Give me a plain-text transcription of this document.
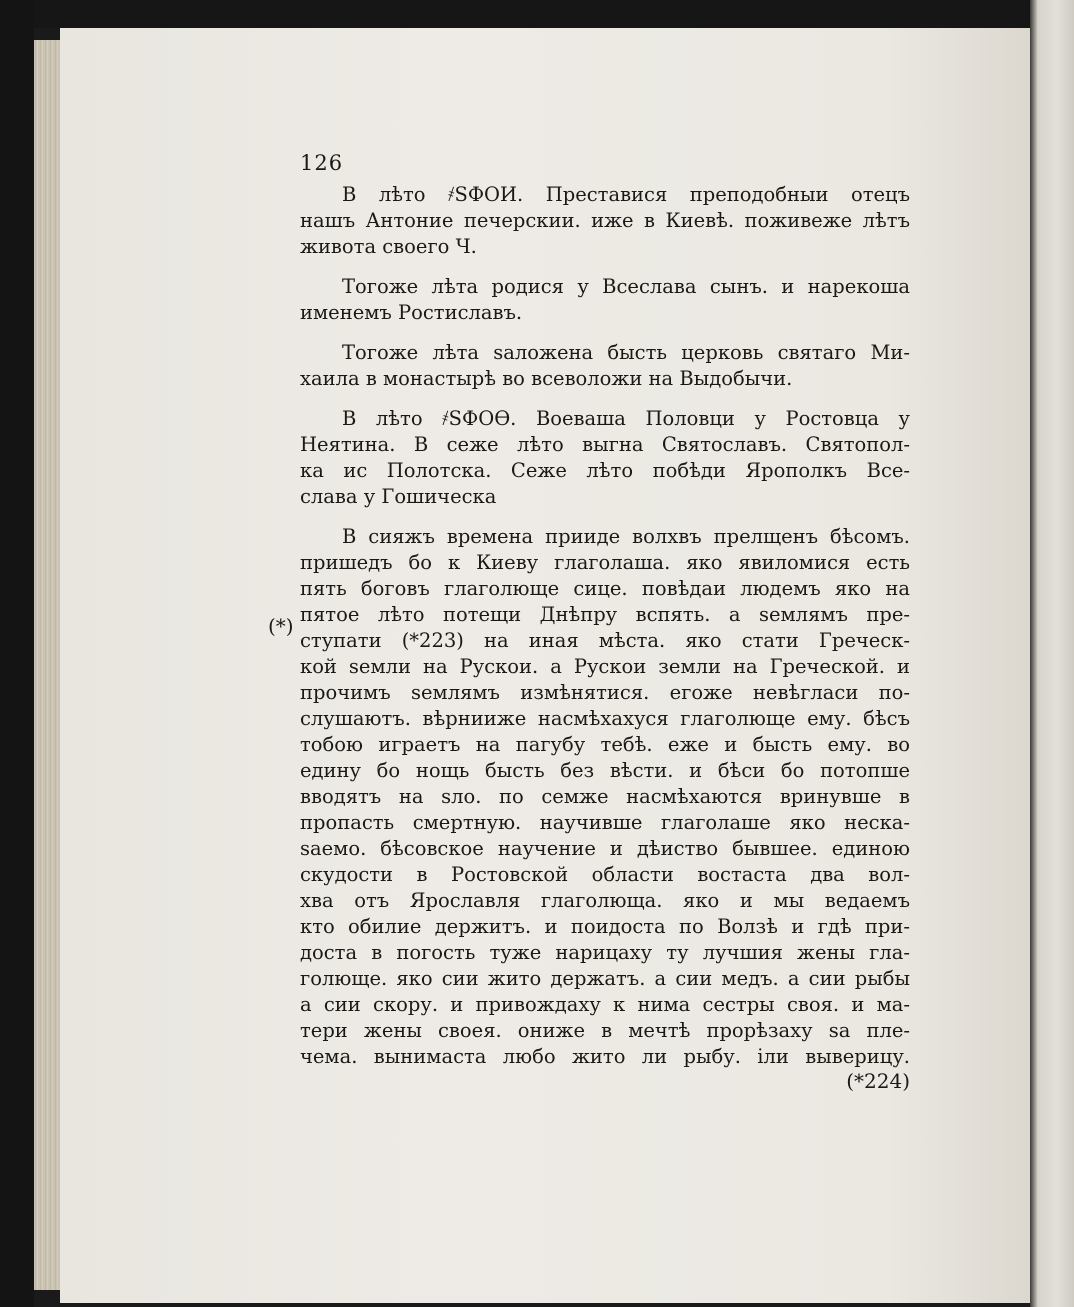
(*)
126

В лѣто ҂SФОИ. Преставися преподобныи отецъ

нашъ Антоние печерскии. иже в Киевѣ. поживеже лѣтъ

живота своего Ч.

Тогоже лѣта родися у Всеслава сынъ. и нарекоша

именемъ Ростиславъ.

Тогоже лѣта sаложена бысть церковь святаго Ми-

хаила в монастырѣ во всеволожи на Выдобычи.

В лѣто ҂SФОѲ. Воеваша Половци у Ростовца у

Неятина. В сеже лѣто выгна Святославъ. Святопол-

ка ис Полотска. Сеже лѣто побѣди Ярополкъ Все-

слава у Гошическа

В сияжъ времена приидe волхвъ прелщенъ бѣсомъ.

пришедъ бо к Киеву глаголаша. яко явиломися есть

пять боговъ глаголюще сице. повѣдаи людемъ яко на

пятое лѣто потещи Днѣпру вспять. а sемлямъ пре-

ступати (*223) на иная мѣста. яко стати Греческ-

кой sемли на Рускои. а Рускои земли на Греческой. и

прочимъ sемлямъ измѣнятися. егоже невѣгласи по-

слушаютъ. вѣрнииже насмѣхахуся глаголюще ему. бѣсъ

тобою играетъ на пагубу тебѣ. еже и бысть ему. во

едину бо нощь бысть без вѣсти. и бѣси бо потопше

вводятъ на sло. по семже насмѣхаются вринувше в

пропасть смертную. научивше глаголаше яко неска-

sаемо. бѣсовское научение и дѣиство бывшее. единою

скудости в Ростовской области востаста два вол-

хва отъ Ярославля глаголюща. яко и мы ведаемъ

кто обилие держитъ. и поидоста по Волзѣ и гдѣ при-

доста в погость тужe нарицаху ту лучшия жены гла-

голюще. яко сии жито держатъ. а сии медъ. а сии рыбы

а сии скору. и привождаху к нима сестры своя. и ма-

тери жены своея. ониже в мечтѣ прорѣзаху sа пле-

чема. вынимаста любо жито ли рыбу. іли выверицу.

(*224)
